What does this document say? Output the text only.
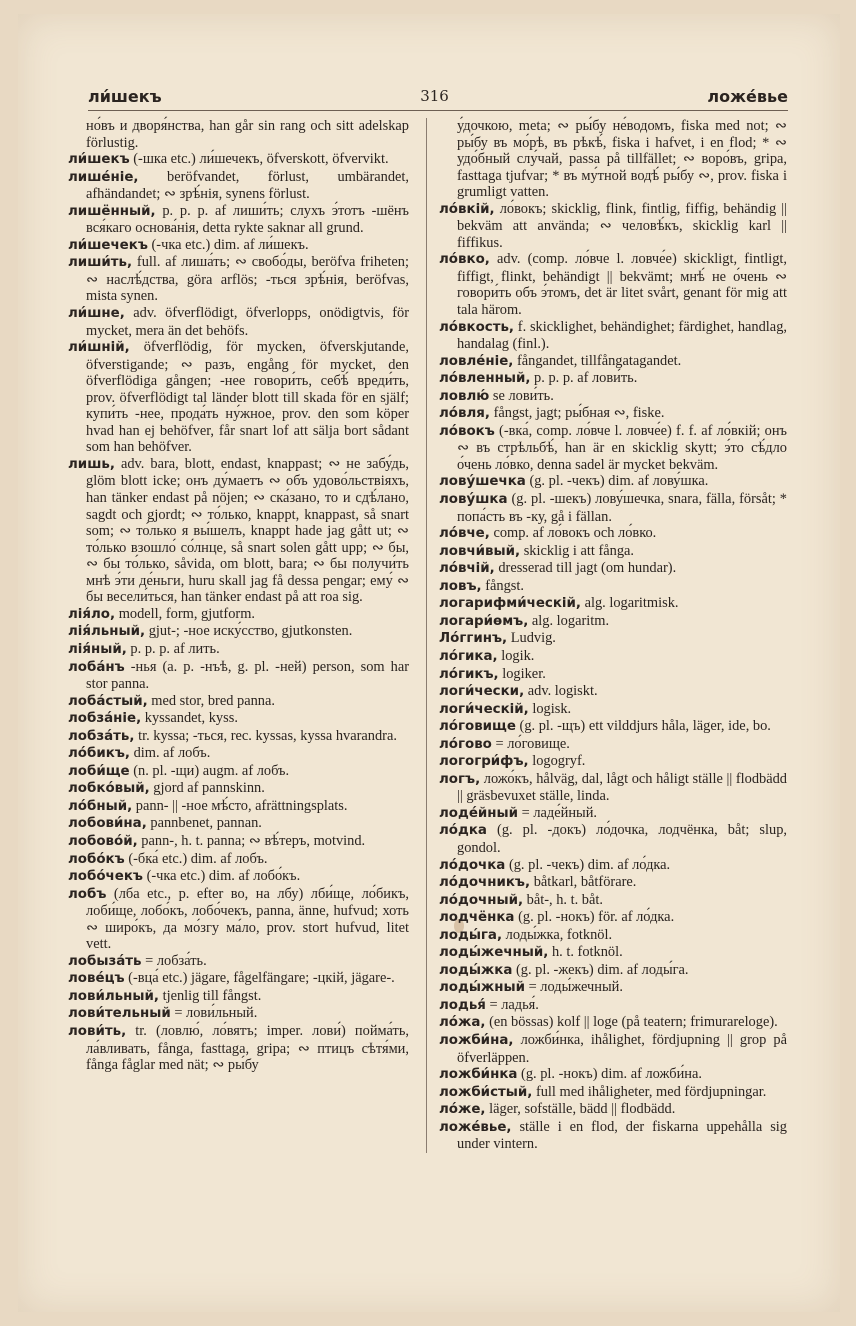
ли́шекъ	316	ложе́вье
но́въ и дворя́нства, han går sin rang och sitt adelskap förlustig.
ли́шекъ (-шка etc.) ли́шечекъ, öfverskott, öfvervikt.
лише́нiе, beröfvandet, förlust, umbärandet, afhändandet; ∾ зрѣ́нiя, synens förlust.
лишённый, p. p. p. af лиши́ть; слухъ э́тотъ -шёнъ вся́каго основа́нiя, detta rykte saknar all grund.
ли́шечекъ (-чка etc.) dim. af ли́шекъ.
лиши́ть, full. af лиша́ть; ∾ свобо́ды, beröfva friheten; ∾ наслѣ́дства, göra arflös; -ться зрѣ́нiя, beröfvas, mista synen.
ли́шне, adv. öfverflödigt, öfverlopps, onödigtvis, för mycket, mera än det behöfs.
ли́шнiй, öfverflödig, för mycken, öfverskjutande, öfverstigande; ∾ разъ, engång för mycket, den öfverflödiga gången; -нее говори́ть, себѣ́ вреди́ть, prov. öfverflödigt tal länder blott till skada för en själf; купи́ть -нее, прода́ть ну́жное, prov. den som köper hvad han ej behöfver, får snart lof att sälja bort sådant som han behöfver.
лишь, adv. bara, blott, endast, knappast; ∾ не забу́дь, glöm blott icke; онъ ду́маетъ ∾ объ удово́льствiяхъ, han tänker endast på nöjen; ∾ ска́зано, то и сдѣ́лано, sagdt och gjordt; ∾ то́лько, knappt, knappast, så snart som; ∾ то́лько я вы́шелъ, knappt hade jag gått ut; ∾ то́лько взошло́ со́лнце, så snart solen gått upp; ∾ бы, ∾ бы то́лько, såvida, om blott, bara; ∾ бы получи́ть мнѣ э́ти де́ньги, huru skall jag få dessa pengar; ему́ ∾ бы весели́ться, han tänker endast på att roa sig.
лiя́ло, modell, form, gjutform.
лiя́льный, gjut-; -ное иску́сство, gjutkonsten.
лiя́ный, p. p. p. af лить.
лоба́нъ -нья (a. p. -нъѣ, g. pl. -ней) person, som har stor panna.
лоба́стый, med stor, bred panna.
лобза́нiе, kyssandet, kyss.
лобза́ть, tr. kyssa; -ться, rec. kyssas, kyssa hvarandra.
ло́бикъ, dim. af лобъ.
лоби́ще (n. pl. -щи) augm. af лобъ.
лобко́вый, gjord af pannskinn.
ло́бный, pann- || -ное мѣ́сто, afrättningsplats.
лобови́на, pannbenet, pannan.
лобово́й, pann-, h. t. panna; ∾ вѣ́теръ, motvind.
лобо́къ (-бка́ etc.) dim. af лобъ.
лобо́чекъ (-чка etc.) dim. af лобо́къ.
лобъ (лба etc., p. efter во, на лбу) лби́ще, ло́бикъ, лоби́ще, лобо́къ, лобо́чекъ, panna, änne, hufvud; хоть ∾ широ́къ, да мо́згу ма́ло, prov. stort hufvud, litet vett.
лобыза́ть = лобза́ть.
лове́цъ (-вца́ etc.) jägare, fågelfängare; -цкiй, jägare-.
лови́льный, tjenlig till fångst.
лови́тельный = лови́льный.
лови́ть, tr. (ловлю́, ло́вятъ; imper. лови́) пойма́ть, ла́вливать, fånga, fasttaga, gripa; ∾ птицъ сѣтя́ми, fånga fåglar med nät; ∾ ры́бу
у́дочкою, meta; ∾ ры́бу не́водомъ, fiska med not; ∾ ры́бу въ мо́рѣ, въ рѣкѣ́, fiska i hafvet, i en flod; * ∾ удо́бный слу́чай, passa på tillfället; ∾ воро́въ, gripa, fasttaga tjufvar; * въ му́тной водѣ́ ры́бу ∾, prov. fiska i grumligt vatten.
ло́вкiй, ло́вокъ; skicklig, flink, fintlig, fiffig, behändig || bekväm att använda; ∾ человѣ́къ, skicklig karl || fiffikus.
ло́вко, adv. (comp. ло́вче l. ловче́е) skickligt, fintligt, fiffigt, flinkt, behändigt || bekvämt; мнѣ́ не о́чень ∾ говори́ть объ э́томъ, det är litet svårt, genant för mig att tala härom.
ло́вкость, f. skicklighet, behändighet; färdighet, handlag, handalag (finl.).
ловле́нiе, fångandet, tillfångatagandet.
ло́вленный, p. p. p. af лови́ть.
ловлю́ se лови́ть.
ло́вля, fångst, jagt; ры́бная ∾, fiske.
ло́вокъ (-вка́, comp. ло́вче l. ловче́е) f. f. af ло́вкiй; онъ ∾ въ стрѣльбѣ́, han är en skicklig skytt; э́то сѣ́дло о́чень ло́вко, denna sadel är mycket bekväm.
лову́шечка (g. pl. -чекъ) dim. af лову́шка.
лову́шка (g. pl. -шекъ) лову́шечка, snara, fälla, försåt; * попа́сть въ -ку, gå i fällan.
ло́вче, comp. af ло́вокъ och ло́вко.
ловчи́вый, skicklig i att fånga.
ло́вчiй, dresserad till jagt (om hundar).
ловъ, fångst.
логарифми́ческiй, alg. logaritmisk.
логари́ѳмъ, alg. logaritm.
Ло́ггинъ, Ludvig.
ло́гика, logik.
ло́гикъ, logiker.
логи́чески, adv. logiskt.
логи́ческiй, logisk.
ло́говище (g. pl. -щъ) ett vilddjurs håla, läger, ide, bo.
ло́гово = ло́говище.
логогри́фъ, logogryf.
логъ, ложо́къ, hålväg, dal, lågt och håligt ställe || flodbädd || gräsbevuxet ställe, linda.
лоде́йный = ладе́йный.
ло́дка (g. pl. -докъ) ло́дочка, лодчёнка, båt; slup, gondol.
ло́дочка (g. pl. -чекъ) dim. af ло́дка.
ло́дочникъ, båtkarl, båtförare.
ло́дочный, båt-, h. t. båt.
лодчёнка (g. pl. -нокъ) för. af ло́дка.
лоды́га, лоды́жка, fotknöl.
лоды́жечный, h. t. fotknöl.
лоды́жка (g. pl. -жекъ) dim. af лоды́га.
лоды́жный = лоды́жечный.
лодья́ = ладья́.
ло́жа, (en bössas) kolf || loge (på teatern; frimurareloge).
ложби́на, ложби́нка, ihålighet, fördjupning || grop på öfverläppen.
ложби́нка (g. pl. -нокъ) dim. af ложби́на.
ложби́стый, full med ihåligheter, med fördjupningar.
ло́же, läger, sofställe, bädd || flodbädd.
ложе́вье, ställe i en flod, der fiskarna uppehålla sig under vintern.
